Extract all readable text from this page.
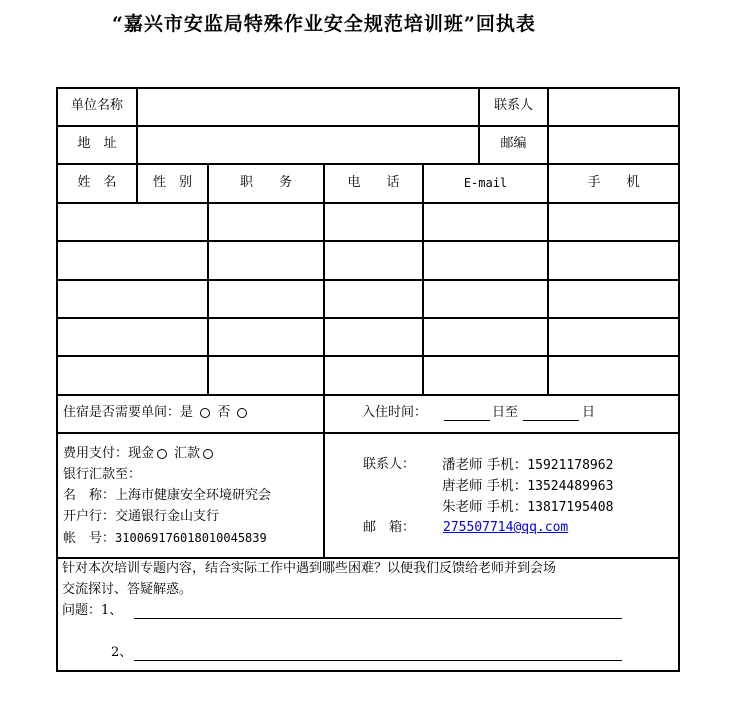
“嘉兴市安监局特殊作业安全规范培训班”回执表
单位名称	联系人
地　址	邮编
姓　名	性　别	职　　务	电　　话	E-mail	手　　机
住宿是否需要单间：是 否	入住时间：	日至	日
费用支付：现金 汇款
银行汇款至：
名　称：上海市健康安全环境研究会
开户行：交通银行金山支行
帐　号：310069176018010045839
联系人： 潘老师 手机：15921178962
唐老师 手机：13524489963
朱老师 手机：13817195408
邮　箱： 275507714@qq.com
针对本次培训专题内容，结合实际工作中遇到哪些困难？以便我们反馈给老师并到会场
交流探讨、答疑解惑。
问题：1、
2、
